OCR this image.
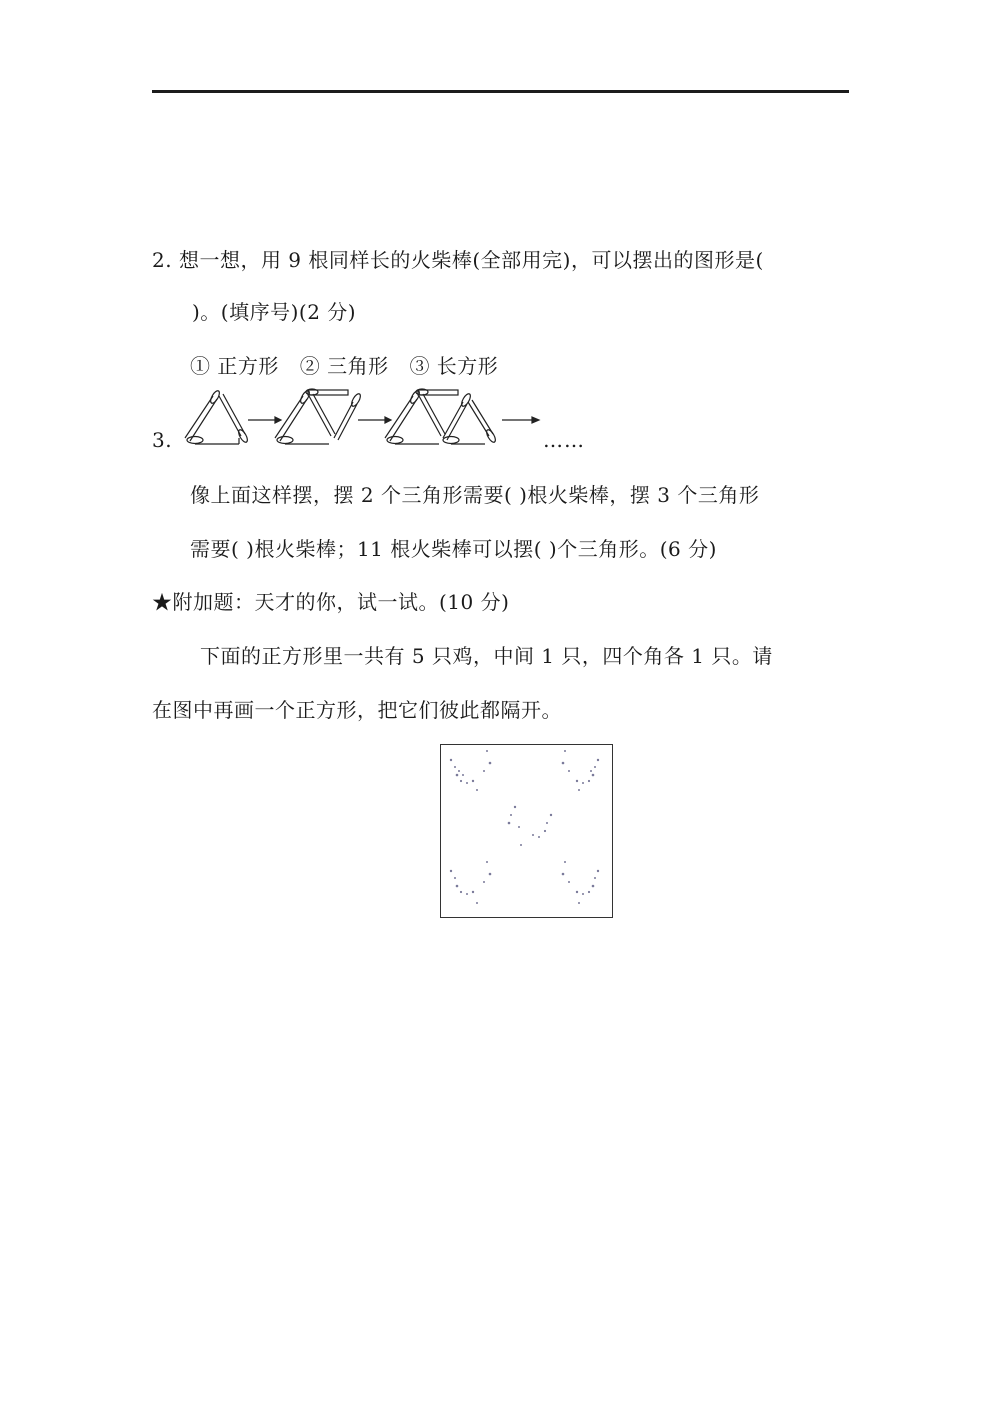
2. 想一想，用 9 根同样长的火柴棒(全部用完)，可以摆出的图形是(
)。(填序号)(2 分)
① 正方形 ② 三角形 ③ 长方形
3.	……
像上面这样摆，摆 2 个三角形需要( )根火柴棒，摆 3 个三角形
需要( )根火柴棒；11 根火柴棒可以摆( )个三角形。(6 分)
★附加题：天才的你，试一试。(10 分)
下面的正方形里一共有 5 只鸡，中间 1 只，四个角各 1 只。请
在图中再画一个正方形，把它们彼此都隔开。
